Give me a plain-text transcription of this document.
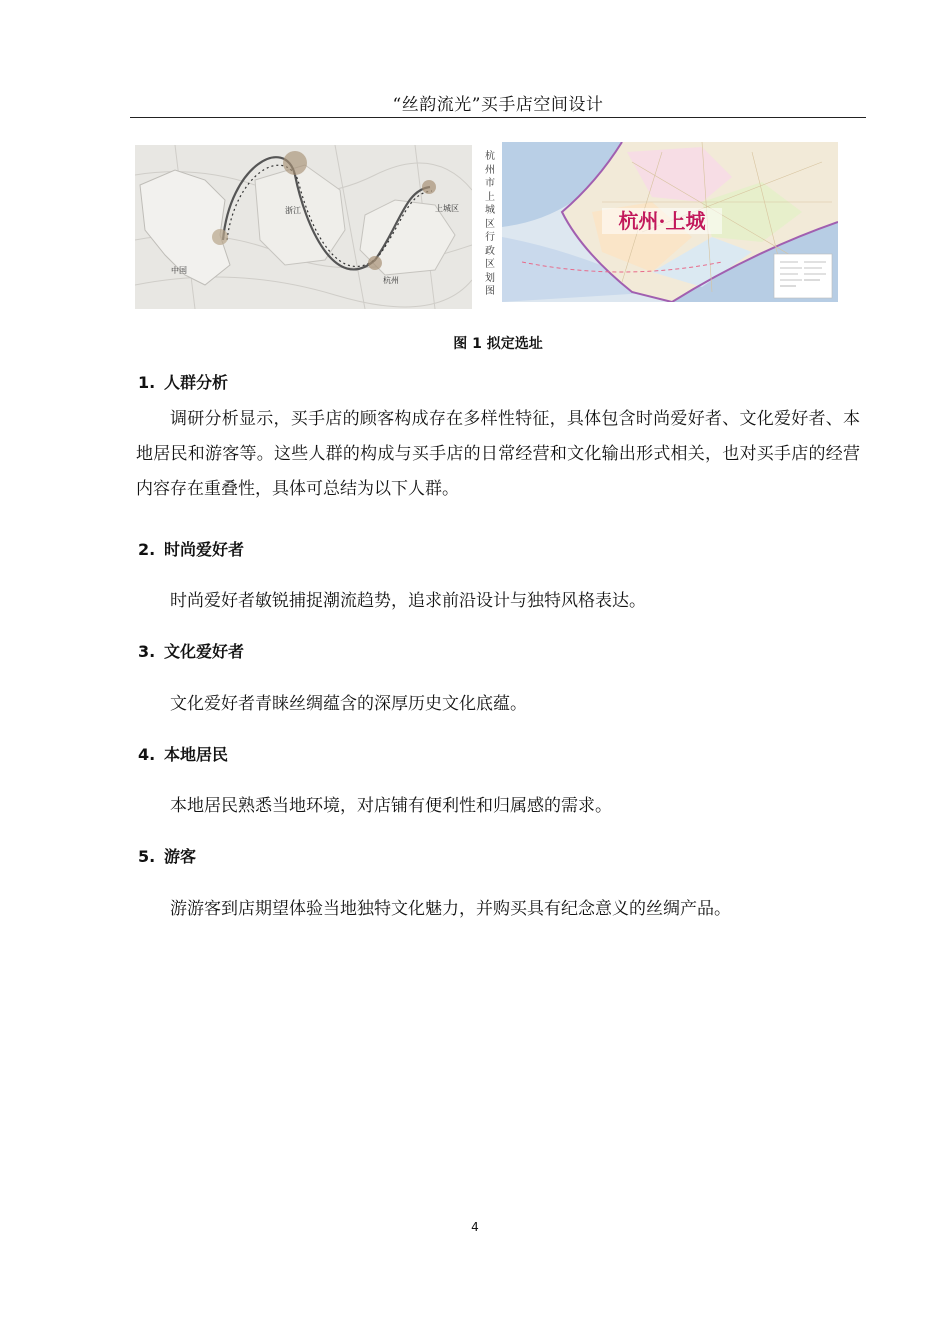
“丝韵流光”买手店空间设计
中国
浙江
杭州
上城区
杭
州
市
上
城
区
行
政
区
划
图
杭州·上城
图 1 拟定选址
1. 人群分析
调研分析显示，买手店的顾客构成存在多样性特征，具体包含时尚爱好者、文化爱好者、本地居民和游客等。这些人群的构成与买手店的日常经营和文化输出形式相关，也对买手店的经营内容存在重叠性，具体可总结为以下人群。
2. 时尚爱好者
时尚爱好者敏锐捕捉潮流趋势，追求前沿设计与独特风格表达。
3. 文化爱好者
文化爱好者青睐丝绸蕴含的深厚历史文化底蕴。
4. 本地居民
本地居民熟悉当地环境，对店铺有便利性和归属感的需求。
5. 游客
游游客到店期望体验当地独特文化魅力，并购买具有纪念意义的丝绸产品。
4
